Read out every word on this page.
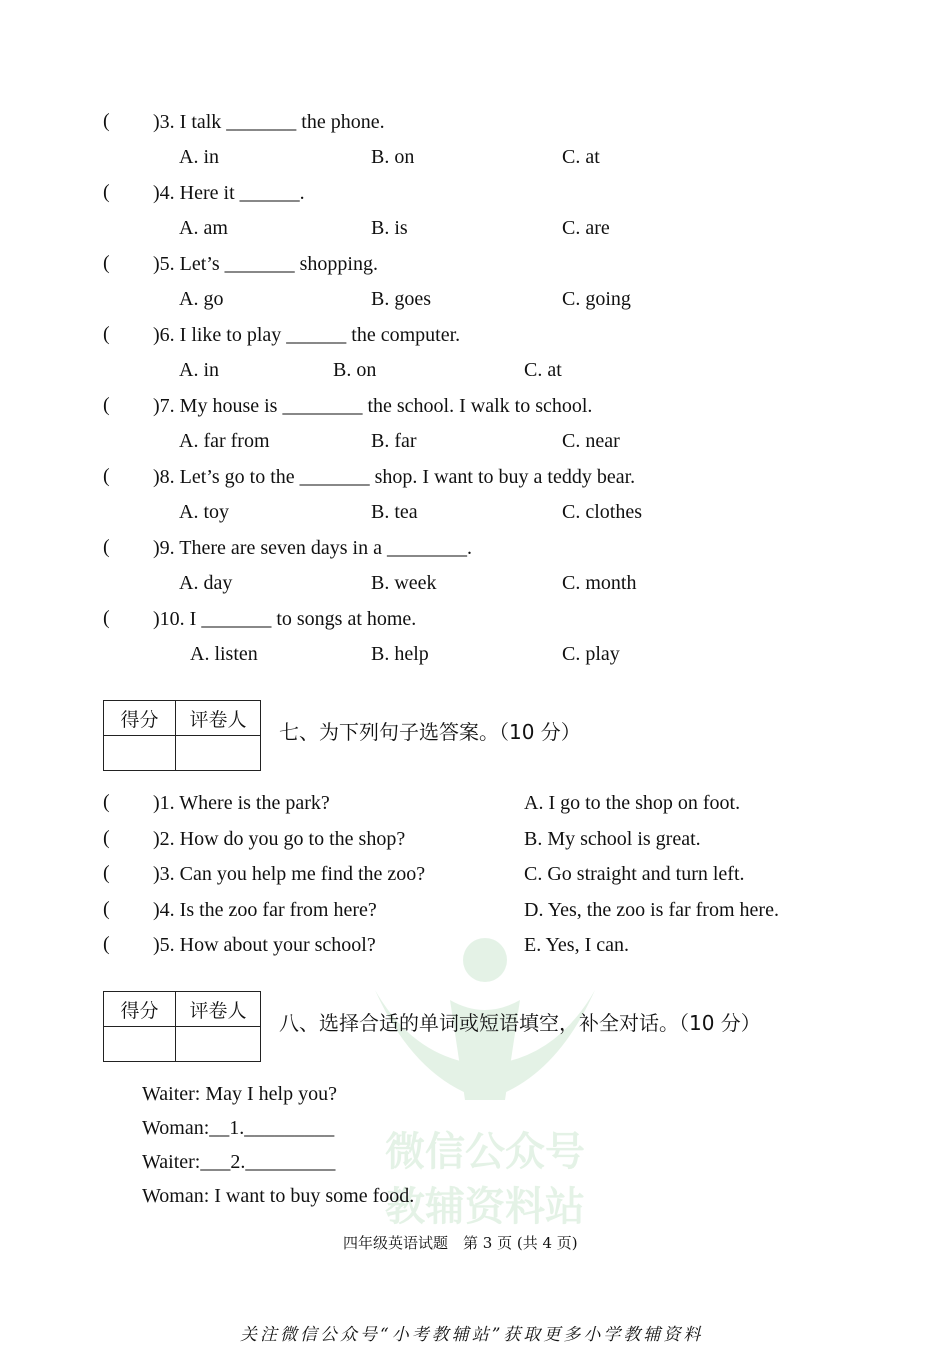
微信公众号
教辅资料站
( )3. I talk _______ the phone.
A. in	B. on	C. at
( )4. Here it ______.
A. am	B. is	C. are
( )5. Let’s _______ shopping.
A. go	B. goes	C. going
( )6. I like to play ______ the computer.
A. in	B. on	C. at
( )7. My house is ________ the school. I walk to school.
A. far from	B. far	C. near
( )8. Let’s go to the _______ shop. I want to buy a teddy bear.
A. toy	B. tea	C. clothes
( )9. There are seven days in a ________.
A. day	B. week	C. month
( )10. I _______ to songs at home.
A. listen	B. help	C. play
得分	评卷人

七、为下列句子选答案。（10 分）
( )1. Where is the park?	A. I go to the shop on foot.
( )2. How do you go to the shop?	B. My school is great.
( )3. Can you help me find the zoo?	C. Go straight and turn left.
( )4. Is the zoo far from here?	D. Yes, the zoo is far from here.
( )5. How about your school?	E. Yes, I can.
得分	评卷人

八、选择合适的单词或短语填空，补全对话。（10 分）
Waiter: May I help you?
Woman:__1._________
Waiter:___2._________
Woman: I want to buy some food.
四年级英语试题　第 3 页 (共 4 页)
关注微信公众号“小考教辅站”获取更多小学教辅资料
